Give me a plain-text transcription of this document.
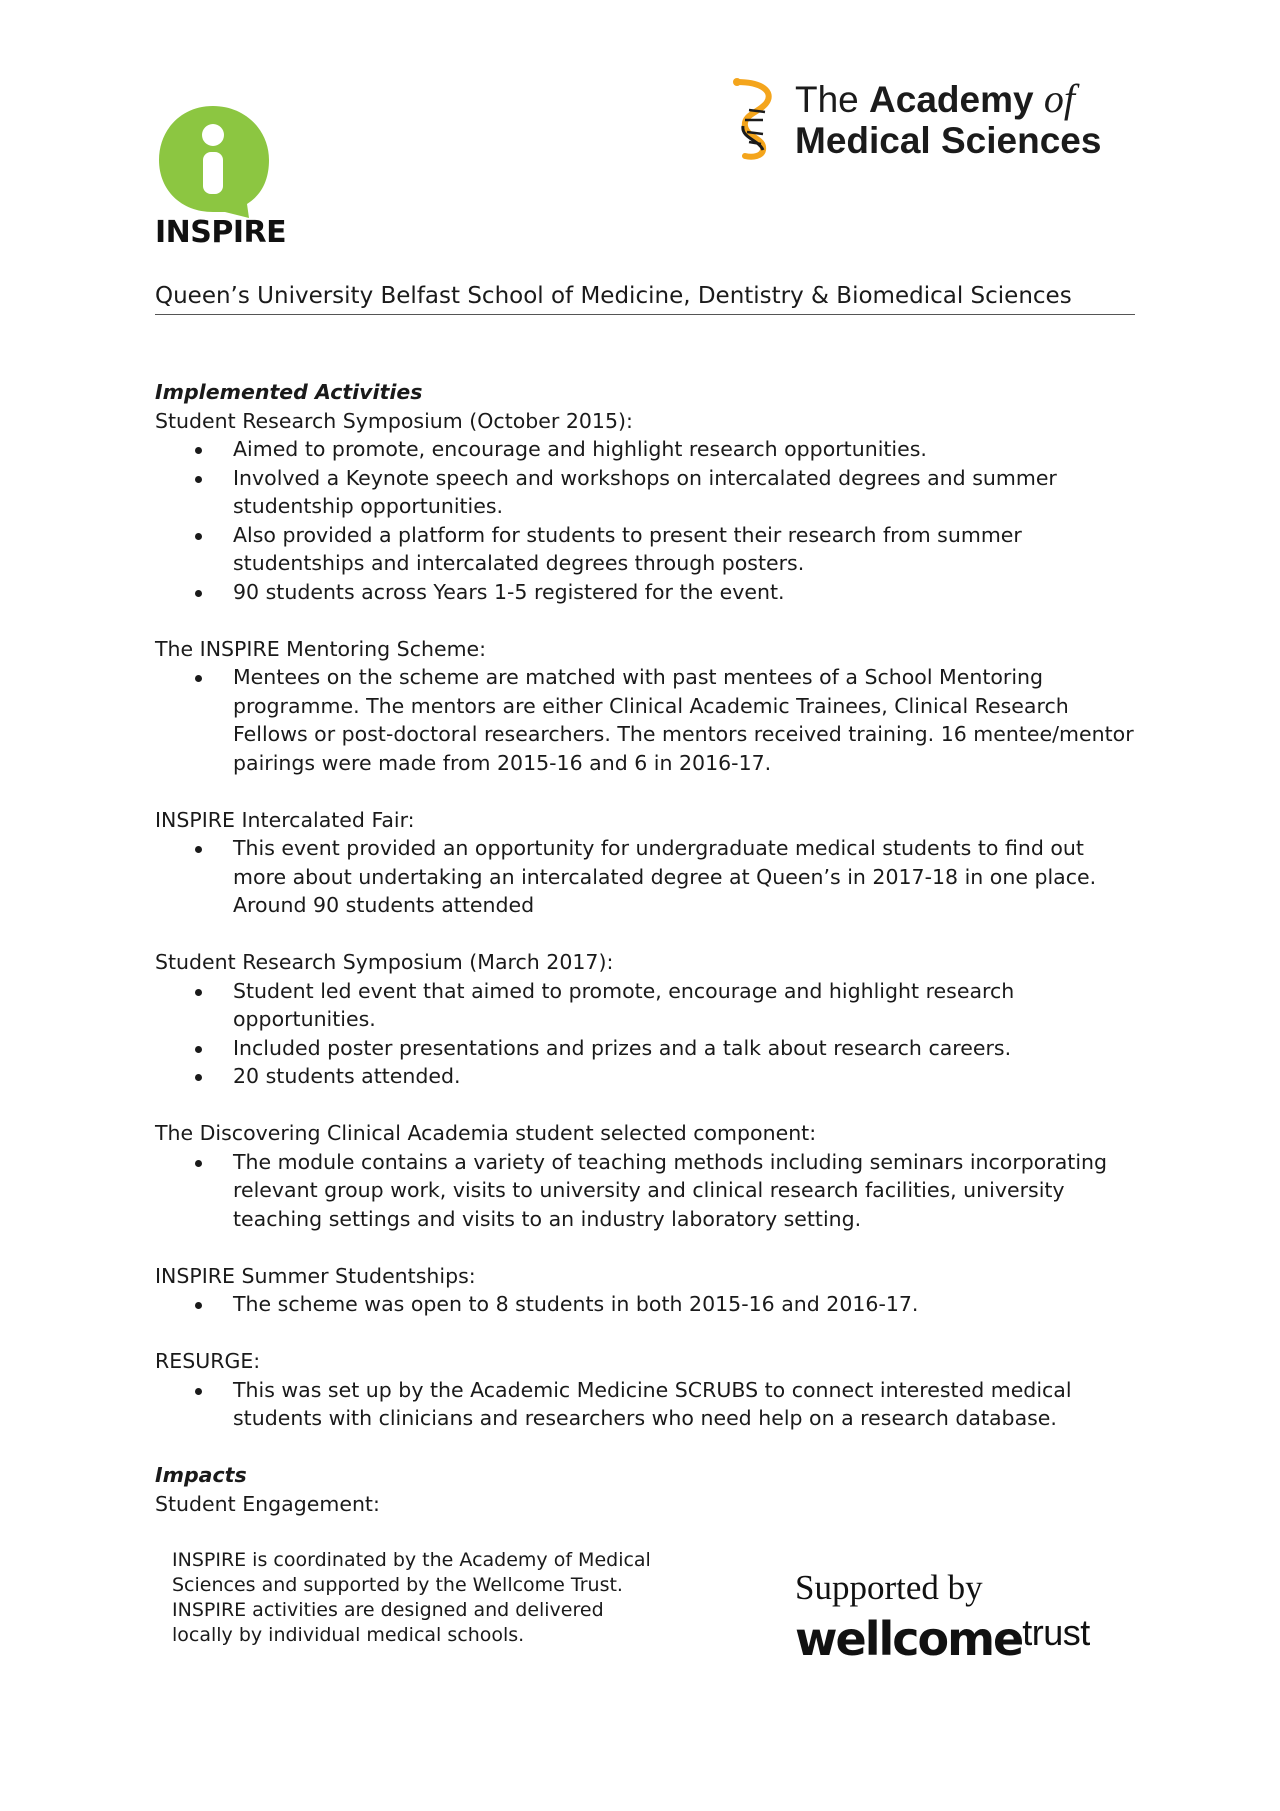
INSPIRE
The Academy of
Medical Sciences
Queen’s University Belfast School of Medicine, Dentistry & Biomedical Sciences

Implemented Activities

Student Research Symposium (October 2015):

Aimed to promote, encourage and highlight research opportunities.
Involved a Keynote speech and workshops on intercalated degrees and summer studentship opportunities.
Also provided a platform for students to present their research from summer studentships and intercalated degrees through posters.
90 students across Years 1-5 registered for the event.

The INSPIRE Mentoring Scheme:

Mentees on the scheme are matched with past mentees of a School Mentoring programme. The mentors are either Clinical Academic Trainees, Clinical Research Fellows or post-doctoral researchers. The mentors received training. 16 mentee/mentor pairings were made from 2015-16 and 6 in 2016-17.

INSPIRE Intercalated Fair:

This event provided an opportunity for undergraduate medical students to find out more about undertaking an intercalated degree at Queen’s in 2017-18 in one place. Around 90 students attended

Student Research Symposium (March 2017):

Student led event that aimed to promote, encourage and highlight research opportunities.
Included poster presentations and prizes and a talk about research careers.
20 students attended.

The Discovering Clinical Academia student selected component:

The module contains a variety of teaching methods including seminars incorporating relevant group work, visits to university and clinical research facilities, university teaching settings and visits to an industry laboratory setting.

INSPIRE Summer Studentships:

The scheme was open to 8 students in both 2015-16 and 2016-17.

RESURGE:

This was set up by the Academic Medicine SCRUBS to connect interested medical students with clinicians and researchers who need help on a research database.

Impacts

Student Engagement:

INSPIRE is coordinated by the Academy of Medical
Sciences and supported by the Wellcome Trust.
INSPIRE activities are designed and delivered
locally by individual medical schools.
Supported by
wellcometrust
